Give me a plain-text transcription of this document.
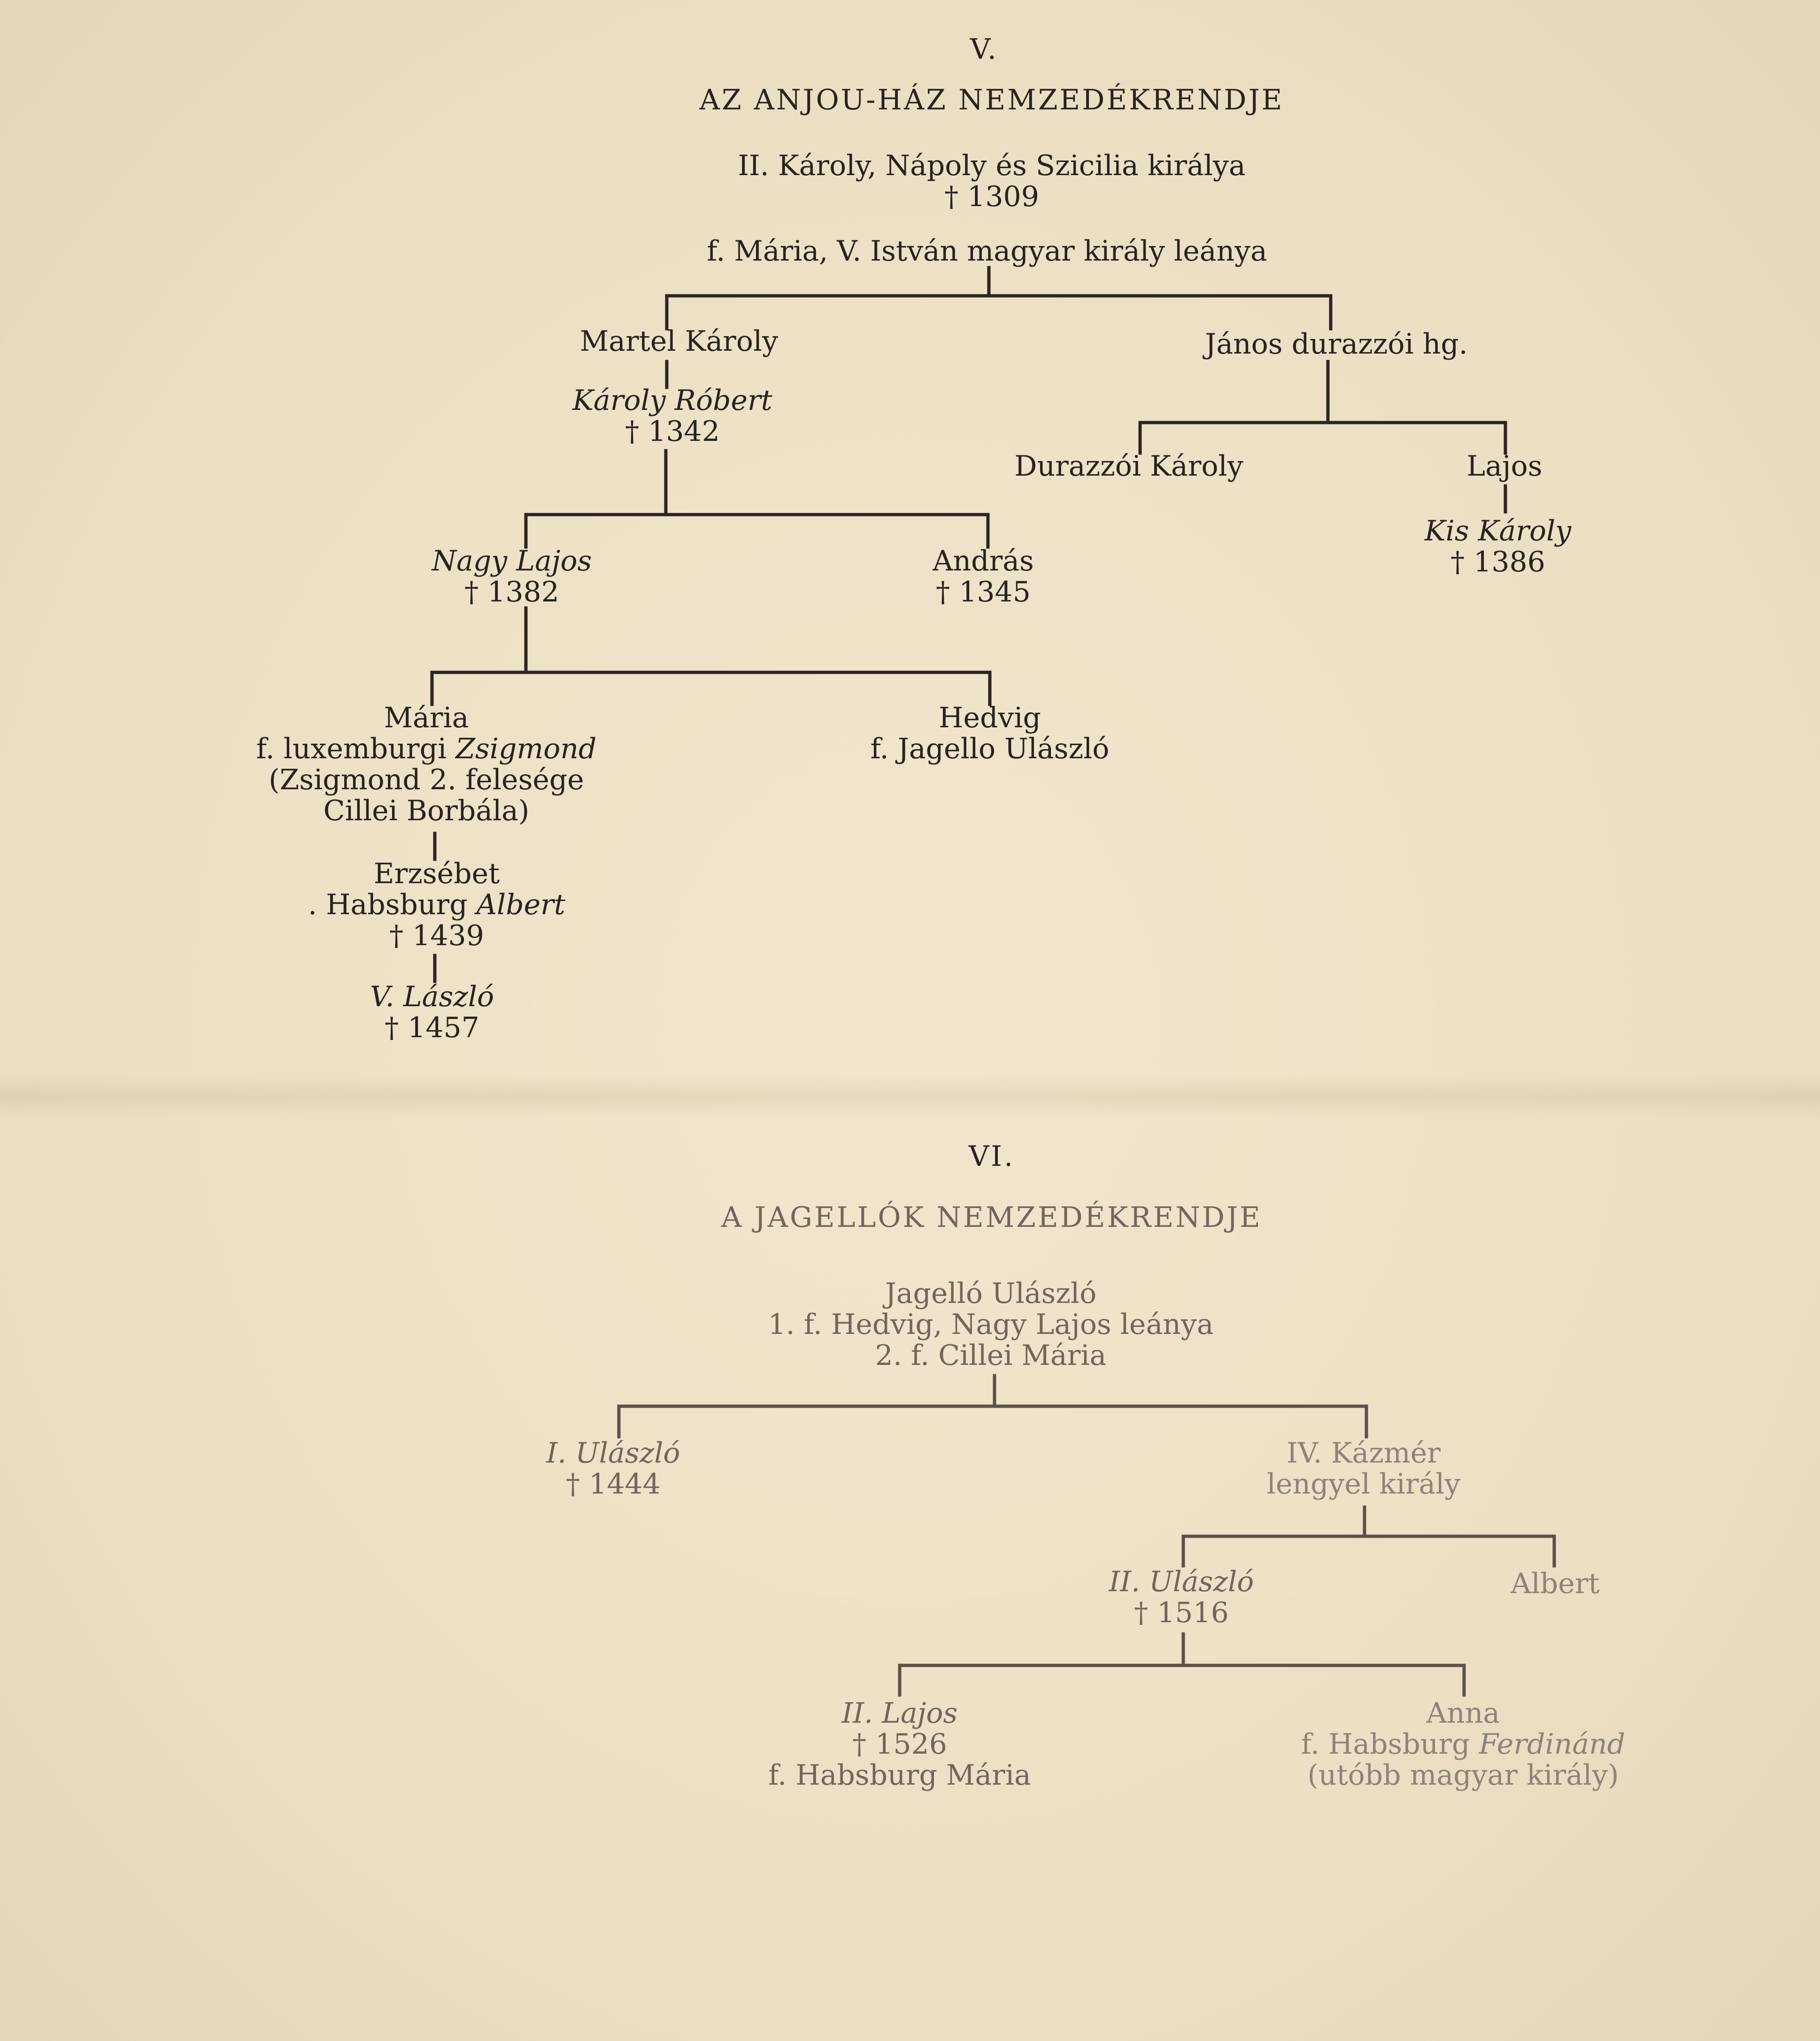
V.
AZ ANJOU-HÁZ NEMZEDÉKRENDJE
II. Károly, Nápoly és Szicilia királya
† 1309
f. Mária, V. István magyar király leánya
Martel Károly	János durazzói hg.
Károly Róbert
† 1342
Durazzói Károly	Lajos
Kis Károly
† 1386
Nagy Lajos
† 1382
András
† 1345
Mária
f. luxemburgi Zsigmond
(Zsigmond 2. felesége
Cillei Borbála)
Hedvig
f. Jagello Ulászló
Erzsébet
. Habsburg Albert
† 1439
V. László
† 1457
VI.
A JAGELLÓK NEMZEDÉKRENDJE
Jagelló Ulászló
1. f. Hedvig, Nagy Lajos leánya
2. f. Cillei Mária
I. Ulászló
† 1444
IV. Kázmér
lengyel király
II. Ulászló
† 1516
Albert
II. Lajos
† 1526
f. Habsburg Mária
Anna
f. Habsburg Ferdinánd
(utóbb magyar király)
